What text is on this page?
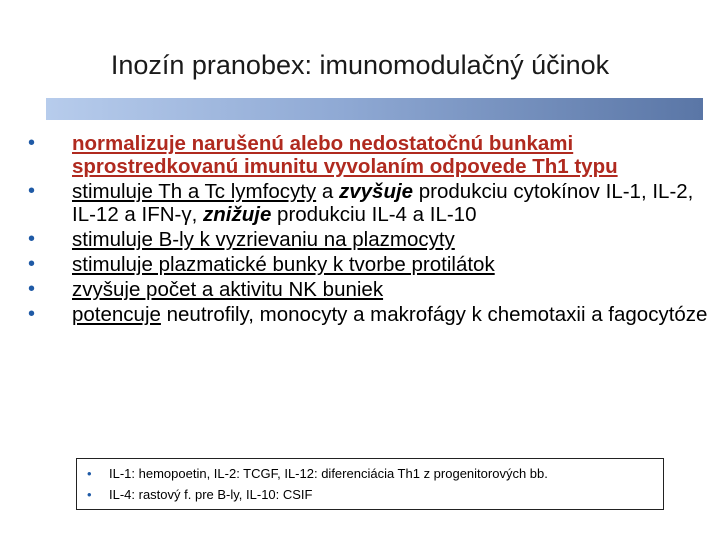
Inozín pranobex: imunomodulačný účinok
•	normalizuje narušenú alebo nedostatočnú bunkami sprostredkovanú imunitu vyvolaním odpovede Th1 typu
•	stimuluje Th a Tc lymfocyty a zvyšuje produkciu cytokínov IL-1, IL-2, IL-12 a IFN-γ, znižuje produkciu IL-4 a IL-10
•	stimuluje B-ly k vyzrievaniu na plazmocyty
•	stimuluje plazmatické bunky k tvorbe protilátok
•	zvyšuje počet a aktivitu NK buniek
•	potencuje neutrofily, monocyty a makrofágy k chemotaxii a fagocytóze
• IL-1: hemopoetin, IL-2: TCGF, IL-12: diferenciácia Th1 z progenitorových bb.
• IL-4: rastový f. pre B-ly, IL-10: CSIF
